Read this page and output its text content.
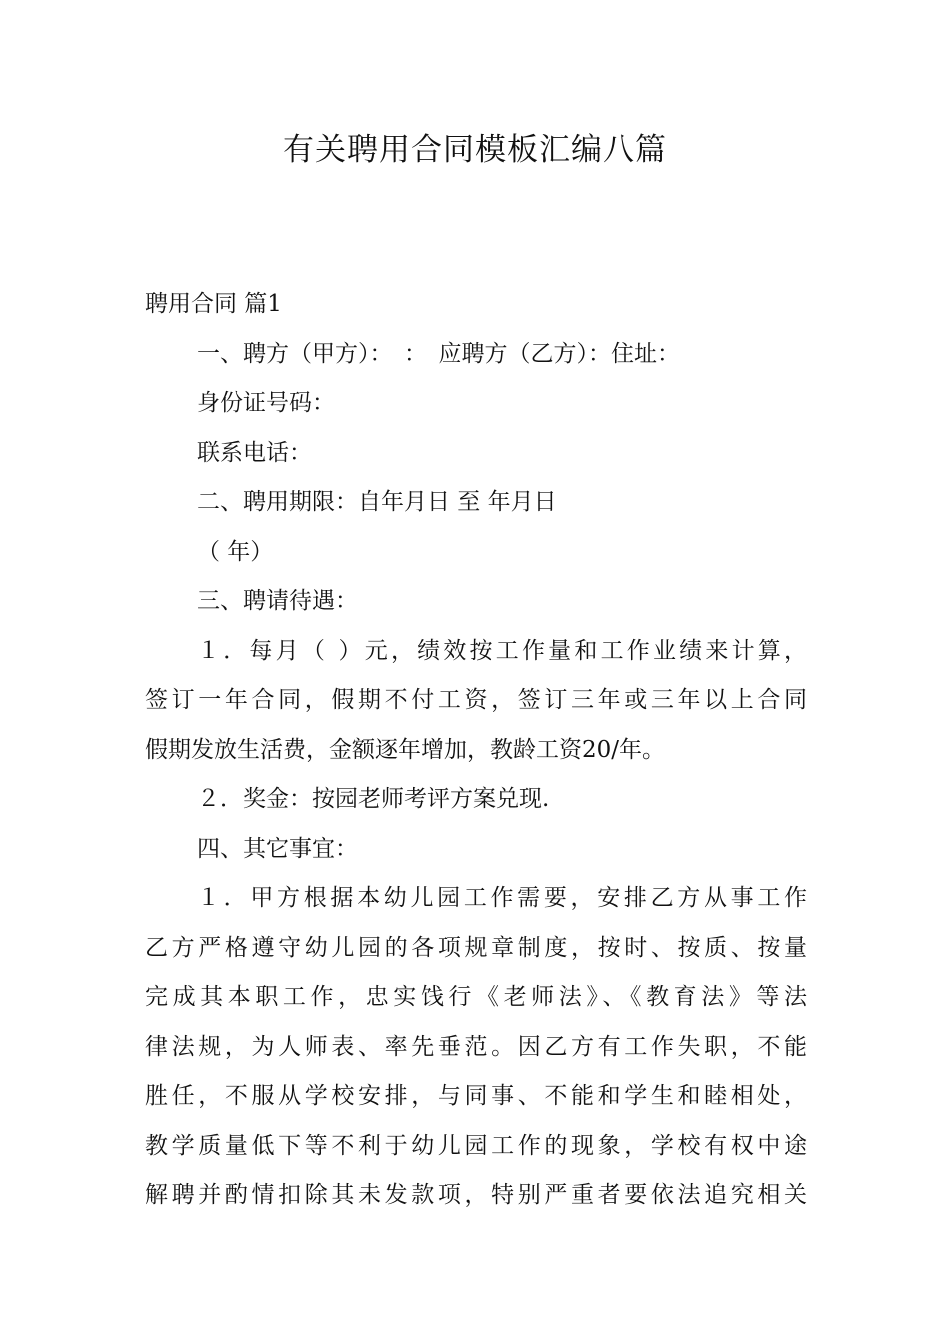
有关聘用合同模板汇编八篇
聘用合同 篇1
一、聘方（甲方）：　：　应聘方（乙方）：住址：
身份证号码：
联系电话：
二、聘用期限：自年月日 至 年月日
（ 年）
三、聘请待遇：
１．每月（ ）元，绩效按工作量和工作业绩来计算，
签订一年合同，假期不付工资，签订三年或三年以上合同
假期发放生活费，金额逐年增加，教龄工资20/年。
２．奖金：按园老师考评方案兑现.
四、其它事宜：
１．甲方根据本幼儿园工作需要，安排乙方从事工作
乙方严格遵守幼儿园的各项规章制度，按时、按质、按量
完成其本职工作，忠实饯行《老师法》、《教育法》等法
律法规，为人师表、率先垂范。因乙方有工作失职，不能
胜任，不服从学校安排，与同事、不能和学生和睦相处，
教学质量低下等不利于幼儿园工作的现象，学校有权中途
解聘并酌情扣除其未发款项，特别严重者要依法追究相关
